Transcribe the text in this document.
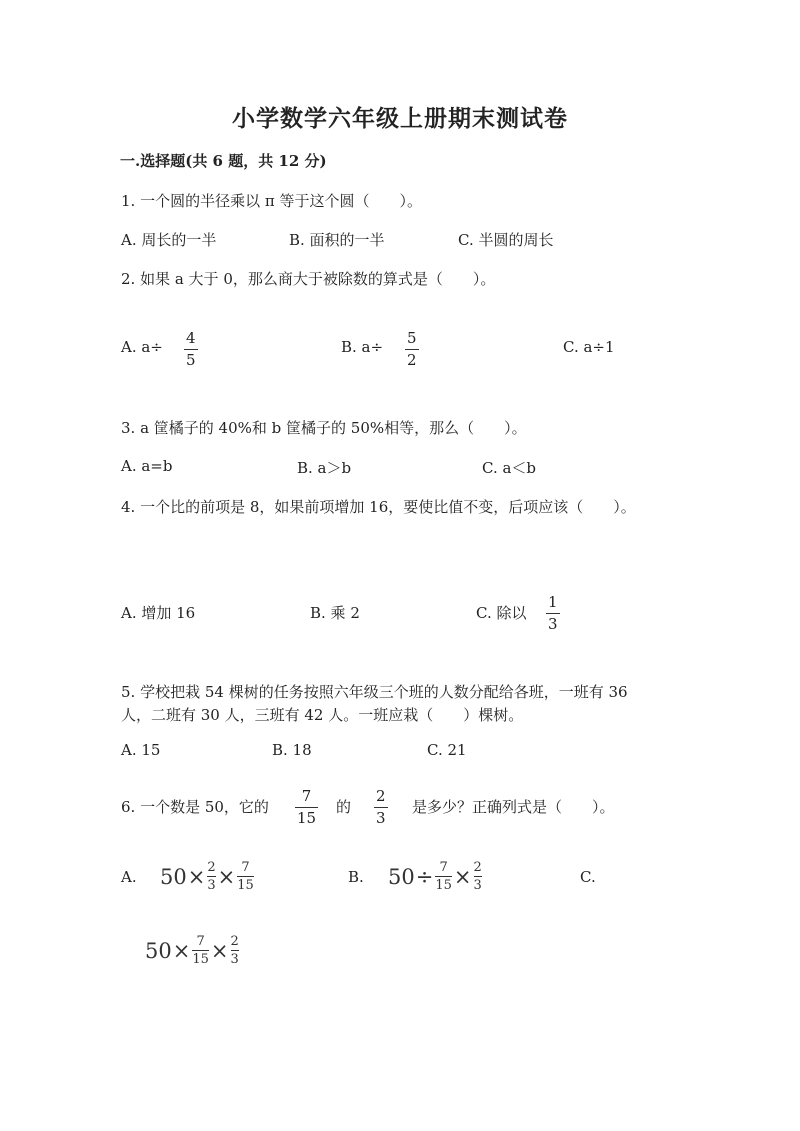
小学数学六年级上册期末测试卷
一.选择题(共 6 题，共 12 分)
1. 一个圆的半径乘以 π 等于这个圆（　　）。
A. 周长的一半	B. 面积的一半	C. 半圆的周长
2. 如果 a 大于 0，那么商大于被除数的算式是（　　）。
A. a÷ 4
5
B. a÷ 5
2
C. a÷1
3. a 筐橘子的 40%和 b 筐橘子的 50%相等，那么（　　）。
A. a=b	B. a＞b	C. a＜b
4. 一个比的前项是 8，如果前项增加 16，要使比值不变，后项应该（　　）。
A. 增加 16	B. 乘 2	C. 除以
1
3
5. 学校把栽 54 棵树的任务按照六年级三个班的人数分配给各班，一班有 36
人，二班有 30 人，三班有 42 人。一班应栽（　　）棵树。
A. 15	B. 18	C. 21
6. 一个数是 50，它的
7
15
的
2
3
是多少？正确列式是（　　）。
A. 50 × 2
3 × 7
15	B. 50 ÷ 7
15 × 2
3	C.
50 × 7
15 × 2
3
